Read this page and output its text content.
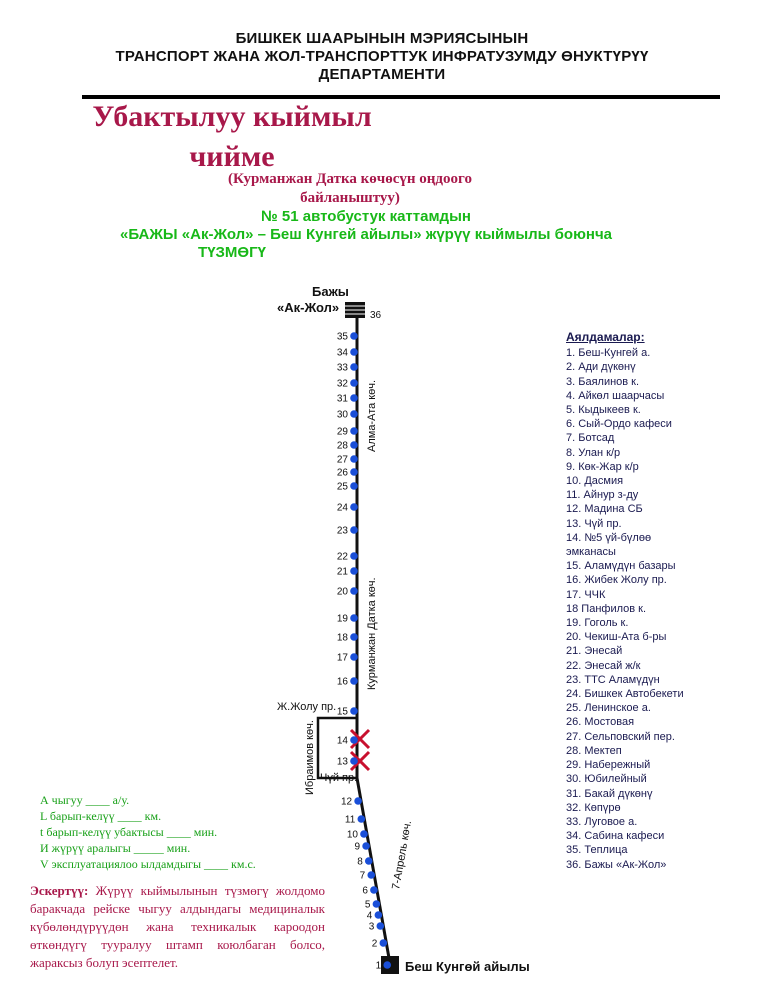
БИШКЕК ШААРЫНЫН МЭРИЯСЫНЫН
ТРАНСПОРТ ЖАНА ЖОЛ-ТРАНСПОРТТУК ИНФРАТУЗУМДУ ӨНУКТҮРҮҮ
ДЕПАРТАМЕНТИ
Убактылуу кыймыл
чийме
(Курманжан Датка көчөсүн оңдоого
байланыштуу)
№ 51 автобустук каттамдын
«БАЖЫ «Ак-Жол» – Беш Кунгей айылы» жүрүү кыймылы боюнча
ТҮЗМӨГҮ
Бажы
«Ак-Жол»
Беш Кунгөй айылы
Алма-Ата көч.
Курманжан Датка көч.
7-Апрель көч.
Ибраимов көч.
Ж.Жолу пр.
Чүй пр.
1
2
3
4
5
6
7
8
9
10
11
12
13
14
15
16
17
18
19
20
21
22
23
24
25
26
27
28
29
30
31
32
33
34
35
36
Аялдамалар:
1. Беш-Кунгей а.
2. Ади дүкөнү
3. Баялинов к.
4. Айкөл шаарчасы
5. Кыдыкеев к.
6. Сый-Ордо кафеси
7. Ботсад
8. Улан к/р
9. Көк-Жар к/р
10. Дасмия
11. Айнур з-ду
12. Мадина СБ
13. Чүй пр.
14. №5 үй-бүлөө
эмканасы
15. Аламүдүн базары
16. Жибек Жолу пр.
17. ЧЧК
18 Панфилов к.
19. Гоголь к.
20. Чекиш-Ата б-ры
21. Энесай
22. Энесай ж/к
23. ТТС Аламүдүн
24. Бишкек Автобекети
25. Ленинское а.
26. Мостовая
27. Сельповский пер.
28. Мектеп
29. Набережный
30. Юбилейный
31. Бакай дүкөнү
32. Көпүрө
33. Луговое а.
34. Сабина кафеси
35. Теплица
36. Бажы «Ак-Жол»
А чыгуу ____ а/у.
L барып-келүү ____ км.
t барып-келүү убактысы ____ мин.
И жүрүү аралыгы _____ мин.
V эксплуатациялоо ылдамдыгы ____ км.с.
Эскертүү: Жүрүү кыймылынын түзмөгү жолдомо баракчада рейске чыгуу алдындагы медициналык күбөлөндүрүүдөн жана техникалык кароодон өткөндүгү тууралуу штамп коюлбаган болсо, жараксыз болуп эсептелет.
